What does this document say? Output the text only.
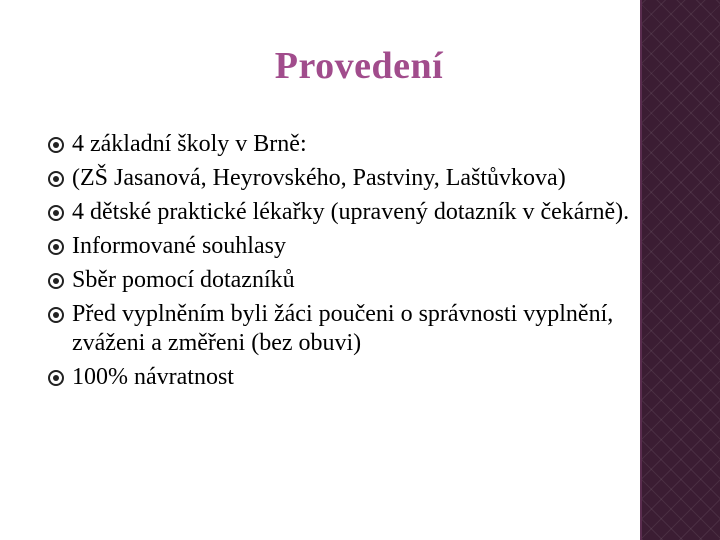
Provedení
4 základní školy v Brně:
(ZŠ Jasanová, Heyrovského, Pastviny, Laštůvkova)
4 dětské praktické lékařky (upravený dotazník v čekárně).
Informované souhlasy
Sběr pomocí dotazníků
Před vyplněním byli žáci poučeni o správnosti vyplnění, zváženi a změřeni (bez obuvi)
100% návratnost
